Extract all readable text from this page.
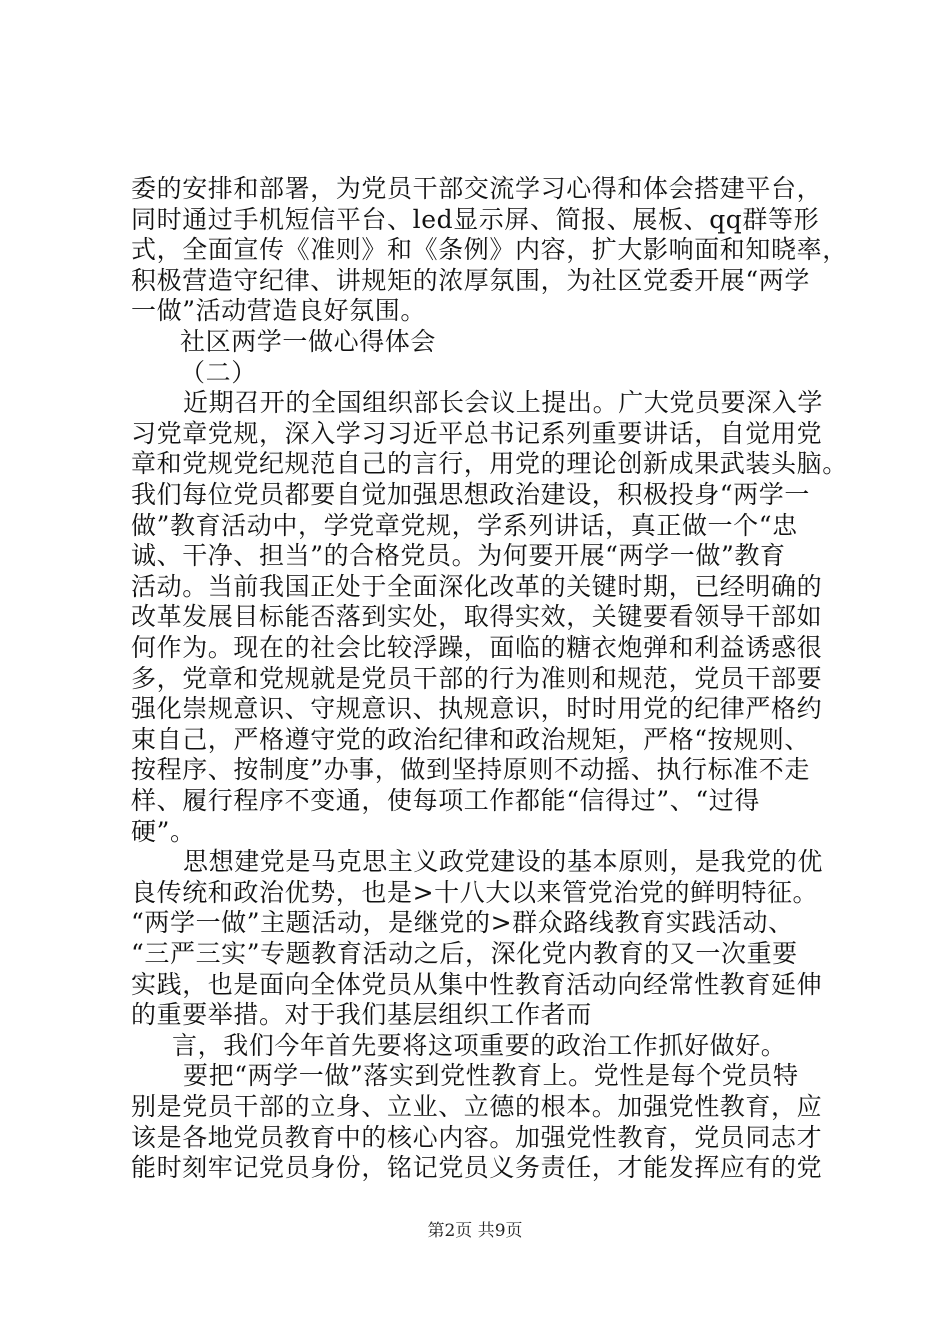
委的安排和部署，为党员干部交流学习心得和体会搭建平台，
同时通过手机短信平台、led显示屏、简报、展板、qq群等形
式，全面宣传《准则》和《条例》内容，扩大影响面和知晓率，
积极营造守纪律、讲规矩的浓厚氛围，为社区党委开展“两学
一做”活动营造良好氛围。
社区两学一做心得体会
（二）
近期召开的全国组织部长会议上提出。广大党员要深入学
习党章党规，深入学习习近平总书记系列重要讲话，自觉用党
章和党规党纪规范自己的言行，用党的理论创新成果武装头脑。
我们每位党员都要自觉加强思想政治建设，积极投身“两学一
做”教育活动中，学党章党规，学系列讲话，真正做一个“忠
诚、干净、担当”的合格党员。为何要开展“两学一做”教育
活动。当前我国正处于全面深化改革的关键时期，已经明确的
改革发展目标能否落到实处，取得实效，关键要看领导干部如
何作为。现在的社会比较浮躁，面临的糖衣炮弹和利益诱惑很
多，党章和党规就是党员干部的行为准则和规范，党员干部要
强化崇规意识、守规意识、执规意识，时时用党的纪律严格约
束自己，严格遵守党的政治纪律和政治规矩，严格“按规则、
按程序、按制度”办事，做到坚持原则不动摇、执行标准不走
样、履行程序不变通，使每项工作都能“信得过”、“过得
硬”。
思想建党是马克思主义政党建设的基本原则，是我党的优
良传统和政治优势，也是>十八大以来管党治党的鲜明特征。
“两学一做”主题活动，是继党的>群众路线教育实践活动、
“三严三实”专题教育活动之后，深化党内教育的又一次重要
实践，也是面向全体党员从集中性教育活动向经常性教育延伸
的重要举措。对于我们基层组织工作者而
言，我们今年首先要将这项重要的政治工作抓好做好。
要把“两学一做”落实到党性教育上。党性是每个党员特
别是党员干部的立身、立业、立德的根本。加强党性教育，应
该是各地党员教育中的核心内容。加强党性教育，党员同志才
能时刻牢记党员身份，铭记党员义务责任，才能发挥应有的党
第2页 共9页
